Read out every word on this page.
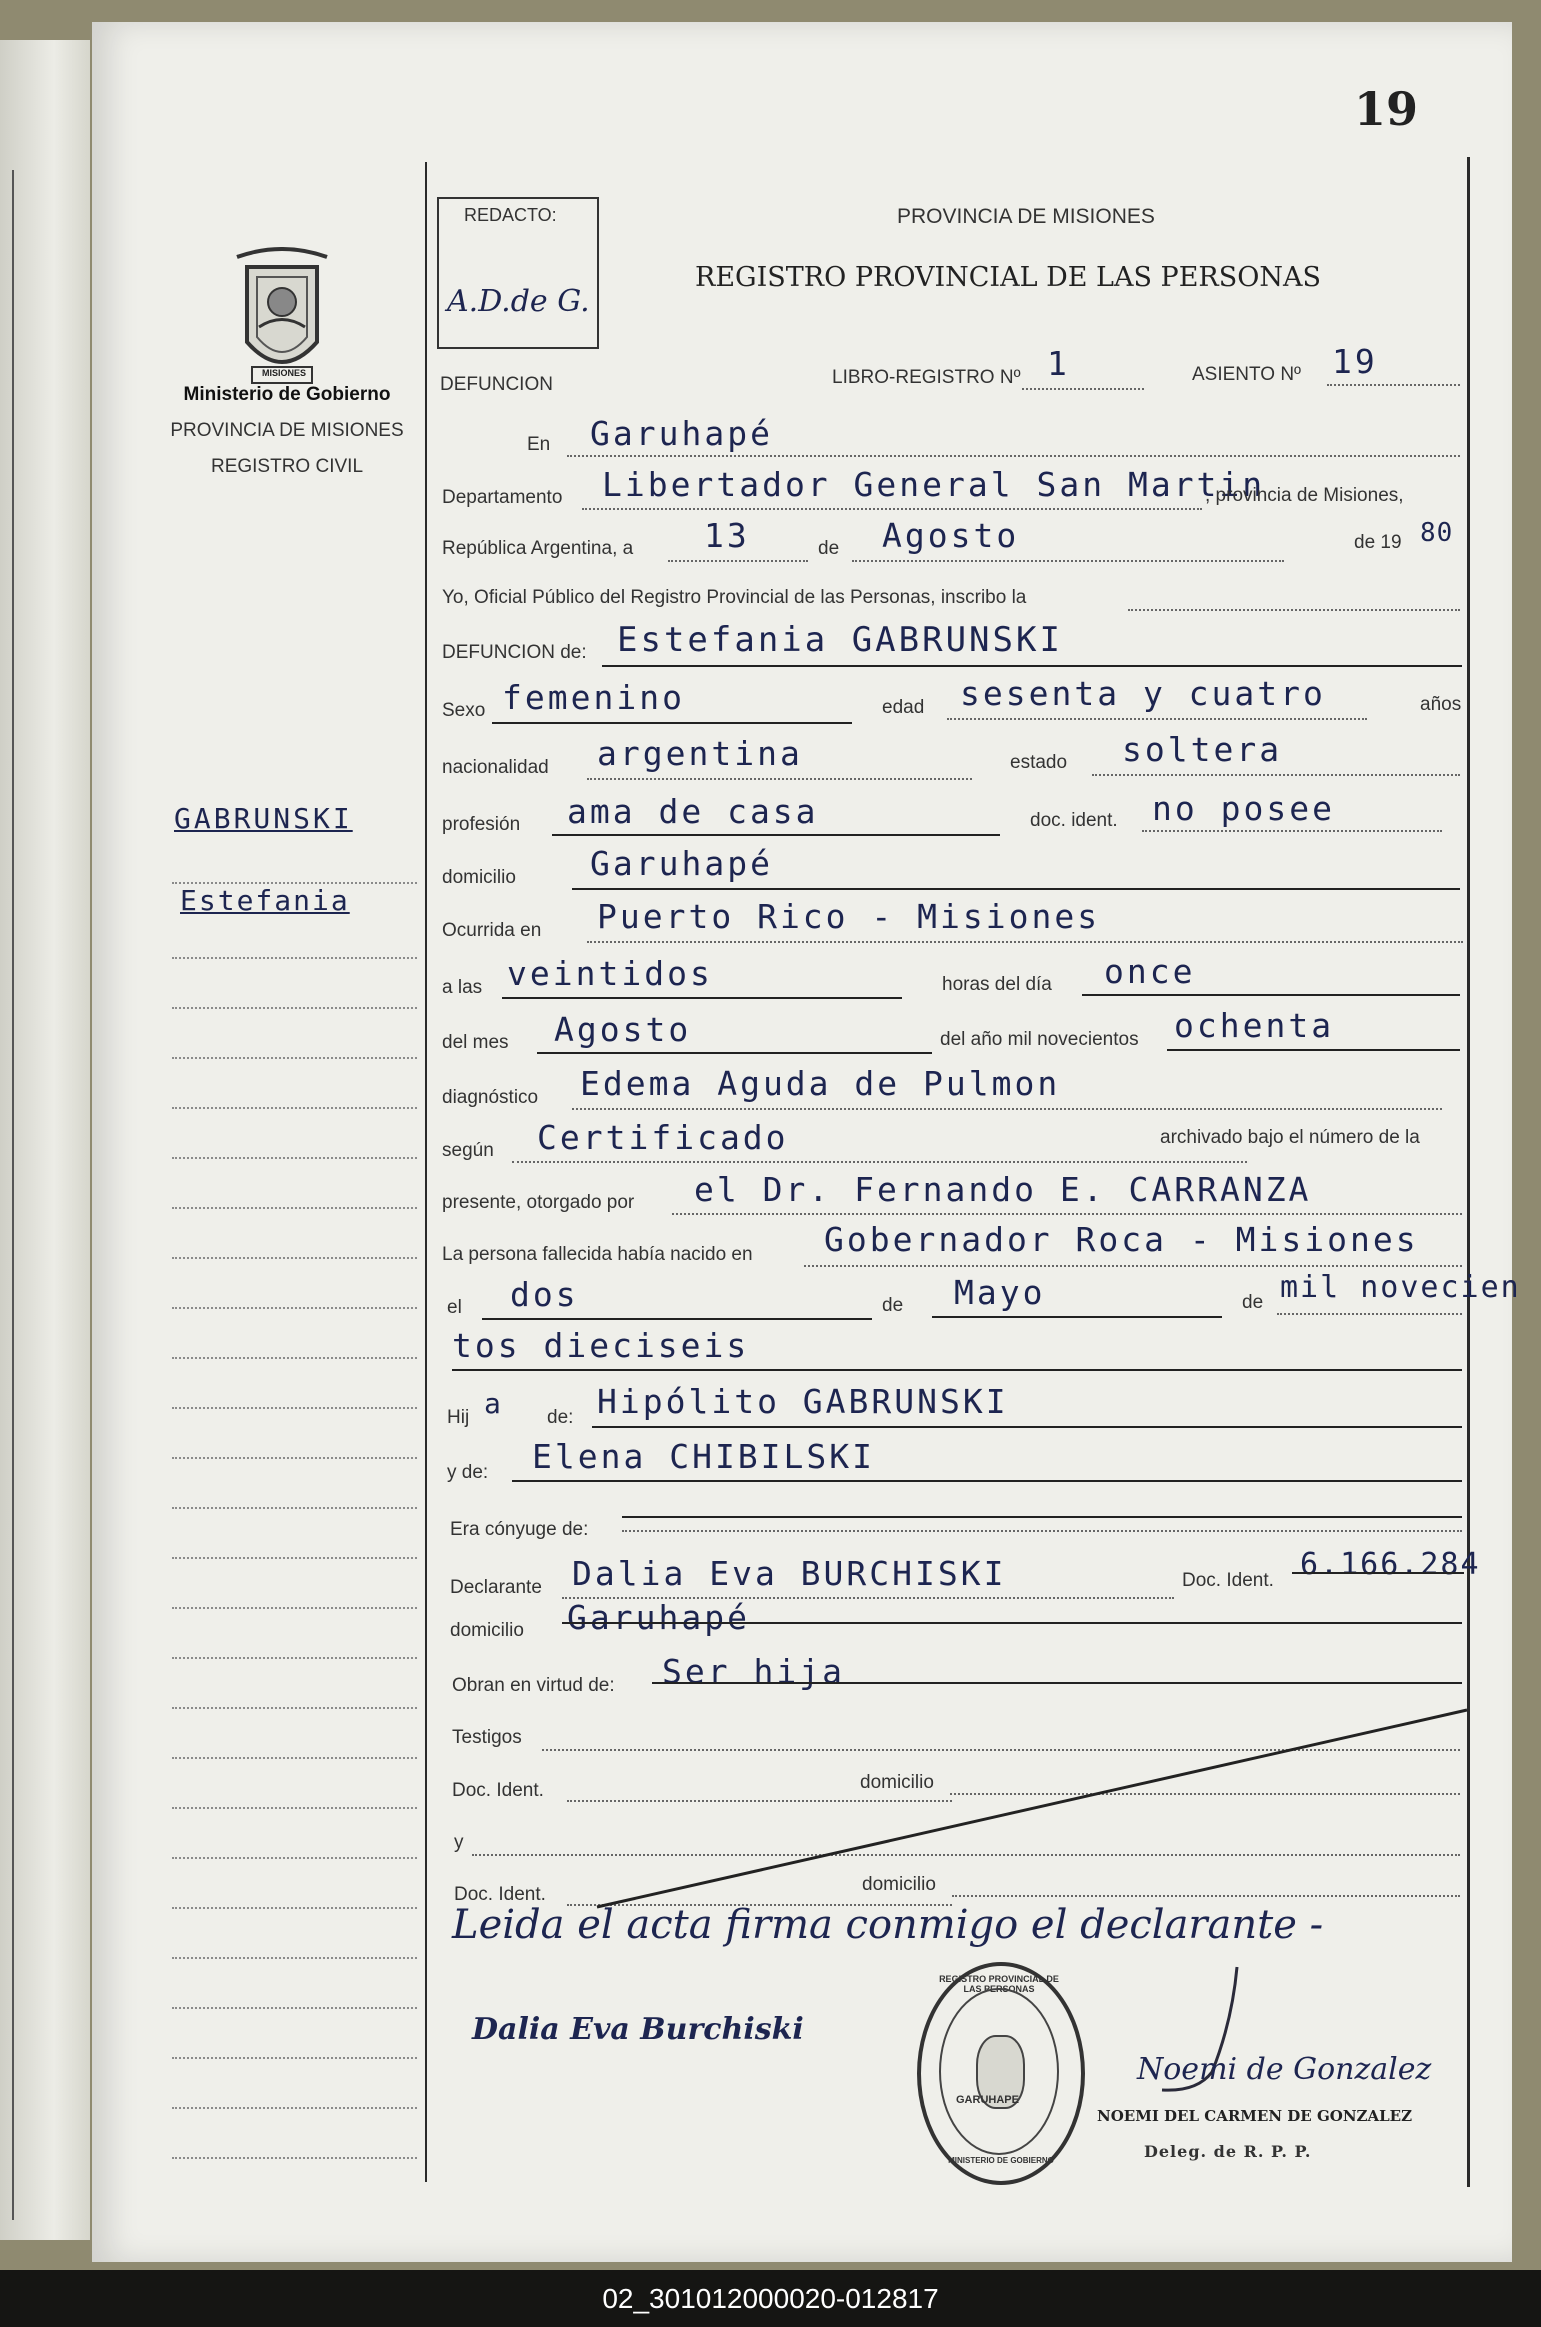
19
MISIONES
Ministerio de Gobierno
PROVINCIA DE MISIONES
REGISTRO CIVIL
GABRUNSKI
Estefania
REDACTO:
A.D.de G.
PROVINCIA DE MISIONES
REGISTRO PROVINCIAL DE LAS PERSONAS
DEFUNCION	LIBRO-REGISTRO Nº 1	ASIENTO Nº 19
En Garuhapé
Departamento Libertador General San Martin
, provincia de Misiones,
República Argentina, a 13	de Agosto	de 19 80
Yo, Oficial Público del Registro Provincial de las Personas, inscribo la
DEFUNCION de: Estefania GABRUNSKI
Sexo femenino	edad sesenta y cuatro	años
nacionalidad argentina	estado soltera
profesión ama de casa	doc. ident. no posee
domicilio Garuhapé
Ocurrida en Puerto Rico - Misiones
a las veintidos	horas del día once
del mes Agosto	del año mil novecientos ochenta
diagnóstico Edema Aguda de Pulmon
según Certificado	archivado bajo el número de la
presente, otorgado por el Dr. Fernando E. CARRANZA
La persona fallecida había nacido en Gobernador Roca - Misiones
el dos	de Mayo	de mil novecien
tos dieciseis
Hij a de: Hipólito GABRUNSKI
y de: Elena CHIBILSKI
Era cónyuge de:
Declarante Dalia Eva BURCHISKI	Doc. Ident. 6.166.284
domicilio Garuhapé
Obran en virtud de: Ser hija
Testigos
Doc. Ident.	domicilio
y
Doc. Ident.	domicilio
Leida el acta firma conmigo el declarante -
Dalia Eva Burchiski
REGISTRO PROVINCIAL DE LAS PERSONAS
GARUHAPE
MINISTERIO DE GOBIERNO
Noemi de Gonzalez
NOEMI DEL CARMEN DE GONZALEZ
Deleg. de R. P. P.
02_301012000020-012817
